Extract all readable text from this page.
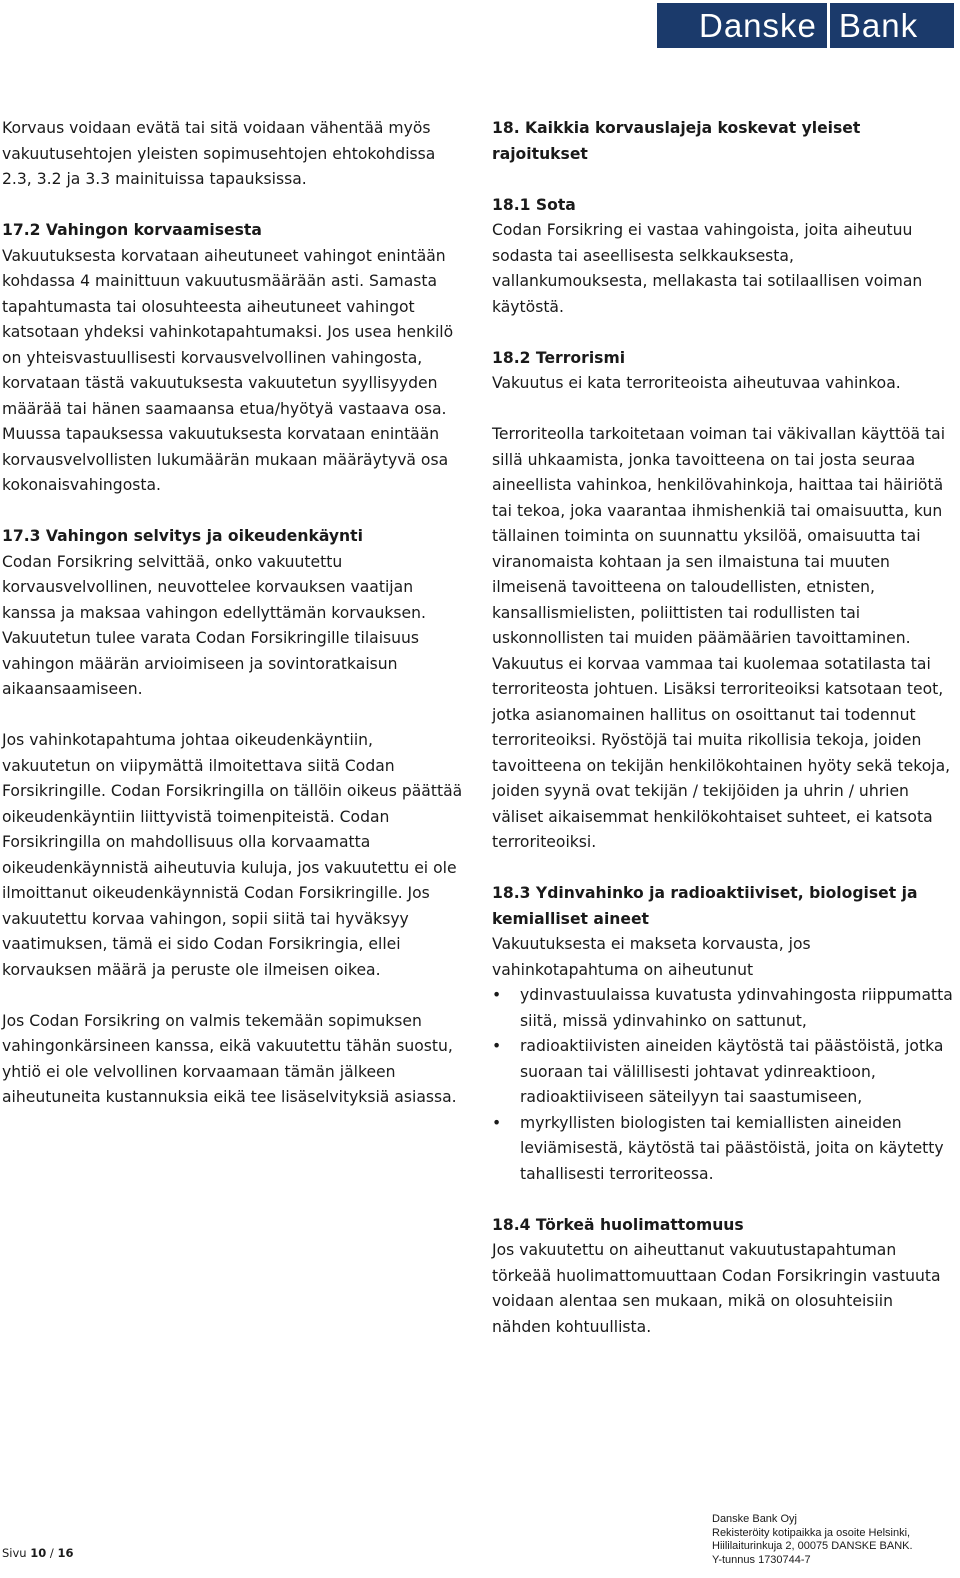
Danske Bank

Korvaus voidaan evätä tai sitä voidaan vähentää myös vakuutusehtojen yleisten sopimusehtojen ehtokohdissa 2.3, 3.2 ja 3.3 mainituissa tapauksissa.

17.2 Vahingon korvaamisesta

Vakuutuksesta korvataan aiheutuneet vahingot enintään kohdassa 4 mainittuun vakuutusmäärään asti. Samasta tapahtumasta tai olosuhteesta aiheutuneet vahingot katsotaan yhdeksi vahinkotapahtumaksi. Jos usea henkilö on yhteisvastuullisesti korvausvelvollinen vahingosta, korvataan tästä vakuutuksesta vakuutetun syyllisyyden määrää tai hänen saamaansa etua/hyötyä vastaava osa. Muussa tapauksessa vakuutuksesta korvataan enintään korvausvelvollisten lukumäärän mukaan määräytyvä osa kokonaisvahingosta.

17.3 Vahingon selvitys ja oikeudenkäynti

Codan Forsikring selvittää, onko vakuutettu korvausvelvollinen, neuvottelee korvauksen vaatijan kanssa ja maksaa vahingon edellyttämän korvauksen. Vakuutetun tulee varata Codan Forsikringille tilaisuus vahingon määrän arvioimiseen ja sovintoratkaisun aikaansaamiseen.

Jos vahinkotapahtuma johtaa oikeudenkäyntiin, vakuutetun on viipymättä ilmoitettava siitä Codan Forsikringille. Codan Forsikringilla on tällöin oikeus päättää oikeudenkäyntiin liittyvistä toimenpiteistä. Codan Forsikringilla on mahdollisuus olla korvaamatta oikeudenkäynnistä aiheutuvia kuluja, jos vakuutettu ei ole ilmoittanut oikeudenkäynnistä Codan Forsikringille. Jos vakuutettu korvaa vahingon, sopii siitä tai hyväksyy vaatimuksen, tämä ei sido Codan Forsikringia, ellei korvauksen määrä ja peruste ole ilmeisen oikea.

Jos Codan Forsikring on valmis tekemään sopimuksen vahingonkärsineen kanssa, eikä vakuutettu tähän suostu, yhtiö ei ole velvollinen korvaamaan tämän jälkeen aiheutuneita kustannuksia eikä tee lisäselvityksiä asiassa.

18. Kaikkia korvauslajeja koskevat yleiset rajoitukset

18.1 Sota

Codan Forsikring ei vastaa vahingoista, joita aiheutuu sodasta tai aseellisesta selkkauksesta, vallankumouksesta, mellakasta tai sotilaallisen voiman käytöstä.

18.2 Terrorismi

Vakuutus ei kata terroriteoista aiheutuvaa vahinkoa.

Terroriteolla tarkoitetaan voiman tai väkivallan käyttöä tai sillä uhkaamista, jonka tavoitteena on tai josta seuraa aineellista vahinkoa, henkilövahinkoja, haittaa tai häiriötä tai tekoa, joka vaarantaa ihmishenkiä tai omaisuutta, kun tällainen toiminta on suunnattu yksilöä, omaisuutta tai viranomaista kohtaan ja sen ilmaistuna tai muuten ilmeisenä tavoitteena on taloudellisten, etnisten, kansallismielisten, poliittisten tai rodullisten tai uskonnollisten tai muiden päämäärien tavoittaminen.

Vakuutus ei korvaa vammaa tai kuolemaa sotatilasta tai terroriteosta johtuen. Lisäksi terroriteoiksi katsotaan teot, jotka asianomainen hallitus on osoittanut tai todennut terroriteoiksi. Ryöstöjä tai muita rikollisia tekoja, joiden tavoitteena on tekijän henkilökohtainen hyöty sekä tekoja, joiden syynä ovat tekijän / tekijöiden ja uhrin / uhrien väliset aikaisemmat henkilökohtaiset suhteet, ei katsota terroriteoiksi.

18.3 Ydinvahinko ja radioaktiiviset, biologiset ja kemialliset aineet

Vakuutuksesta ei makseta korvausta, jos vahinkotapahtuma on aiheutunut

• ydinvastuulaissa kuvatusta ydinvahingosta riippumatta siitä, missä ydinvahinko on sattunut,
• radioaktiivisten aineiden käytöstä tai päästöistä, jotka suoraan tai välillisesti johtavat ydinreaktioon, radioaktiiviseen säteilyyn tai saastumiseen,
• myrkyllisten biologisten tai kemiallisten aineiden leviämisestä, käytöstä tai päästöistä, joita on käytetty tahallisesti terroriteossa.

18.4 Törkeä huolimattomuus

Jos vakuutettu on aiheuttanut vakuutustapahtuman törkeää huolimattomuuttaan Codan Forsikringin vastuuta voidaan alentaa sen mukaan, mikä on olosuhteisiin nähden kohtuullista.

Sivu 10 / 16
Danske Bank Oyj
Rekisteröity kotipaikka ja osoite Helsinki,
Hiililaiturinkuja 2, 00075 DANSKE BANK.
Y-tunnus 1730744-7
